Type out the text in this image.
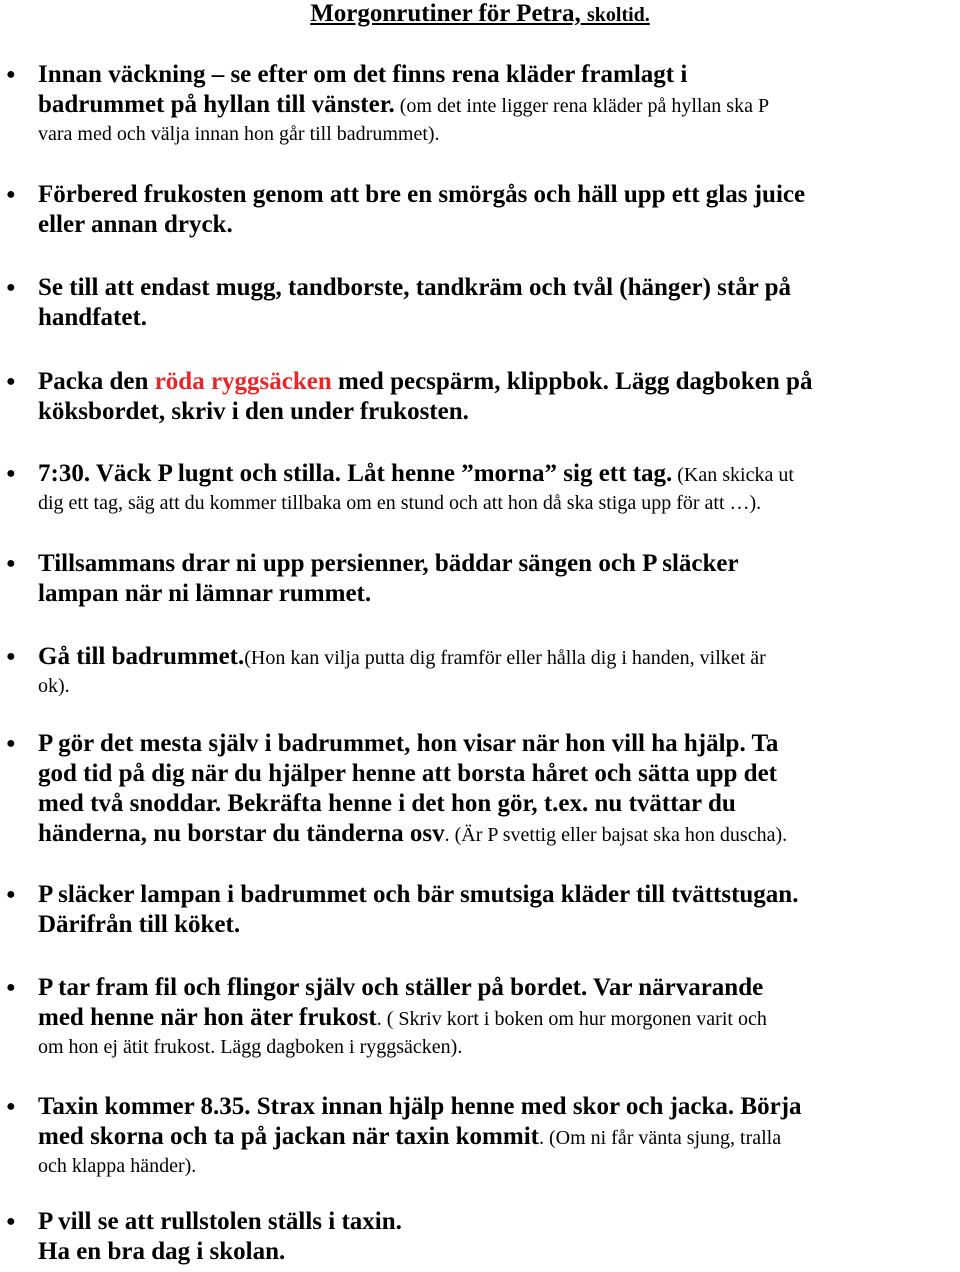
Morgonrutiner för Petra, skoltid.
● Innan väckning – se efter om det finns rena kläder framlagt i
badrummet på hyllan till vänster. (om det inte ligger rena kläder på hyllan ska P
vara med och välja innan hon går till badrummet).
● Förbered frukosten genom att bre en smörgås och häll upp ett glas juice
eller annan dryck.
● Se till att endast mugg, tandborste, tandkräm och tvål (hänger) står på
handfatet.
● Packa den röda ryggsäcken med pecspärm, klippbok. Lägg dagboken på
köksbordet, skriv i den under frukosten.
● 7:30. Väck P lugnt och stilla. Låt henne ”morna” sig ett tag. (Kan skicka ut
dig ett tag, säg att du kommer tillbaka om en stund och att hon då ska stiga upp för att …).
● Tillsammans drar ni upp persienner, bäddar sängen och P släcker
lampan när ni lämnar rummet.
● Gå till badrummet.(Hon kan vilja putta dig framför eller hålla dig i handen, vilket är
ok).
● P gör det mesta själv i badrummet, hon visar när hon vill ha hjälp. Ta
god tid på dig när du hjälper henne att borsta håret och sätta upp det
med två snoddar. Bekräfta henne i det hon gör, t.ex. nu tvättar du
händerna, nu borstar du tänderna osv. (Är P svettig eller bajsat ska hon duscha).
● P släcker lampan i badrummet och bär smutsiga kläder till tvättstugan.
Därifrån till köket.
● P tar fram fil och flingor själv och ställer på bordet. Var närvarande
med henne när hon äter frukost. ( Skriv kort i boken om hur morgonen varit och
om hon ej ätit frukost. Lägg dagboken i ryggsäcken).
● Taxin kommer 8.35. Strax innan hjälp henne med skor och jacka. Börja
med skorna och ta på jackan när taxin kommit. (Om ni får vänta sjung, tralla
och klappa händer).
● P vill se att rullstolen ställs i taxin.
Ha en bra dag i skolan.
